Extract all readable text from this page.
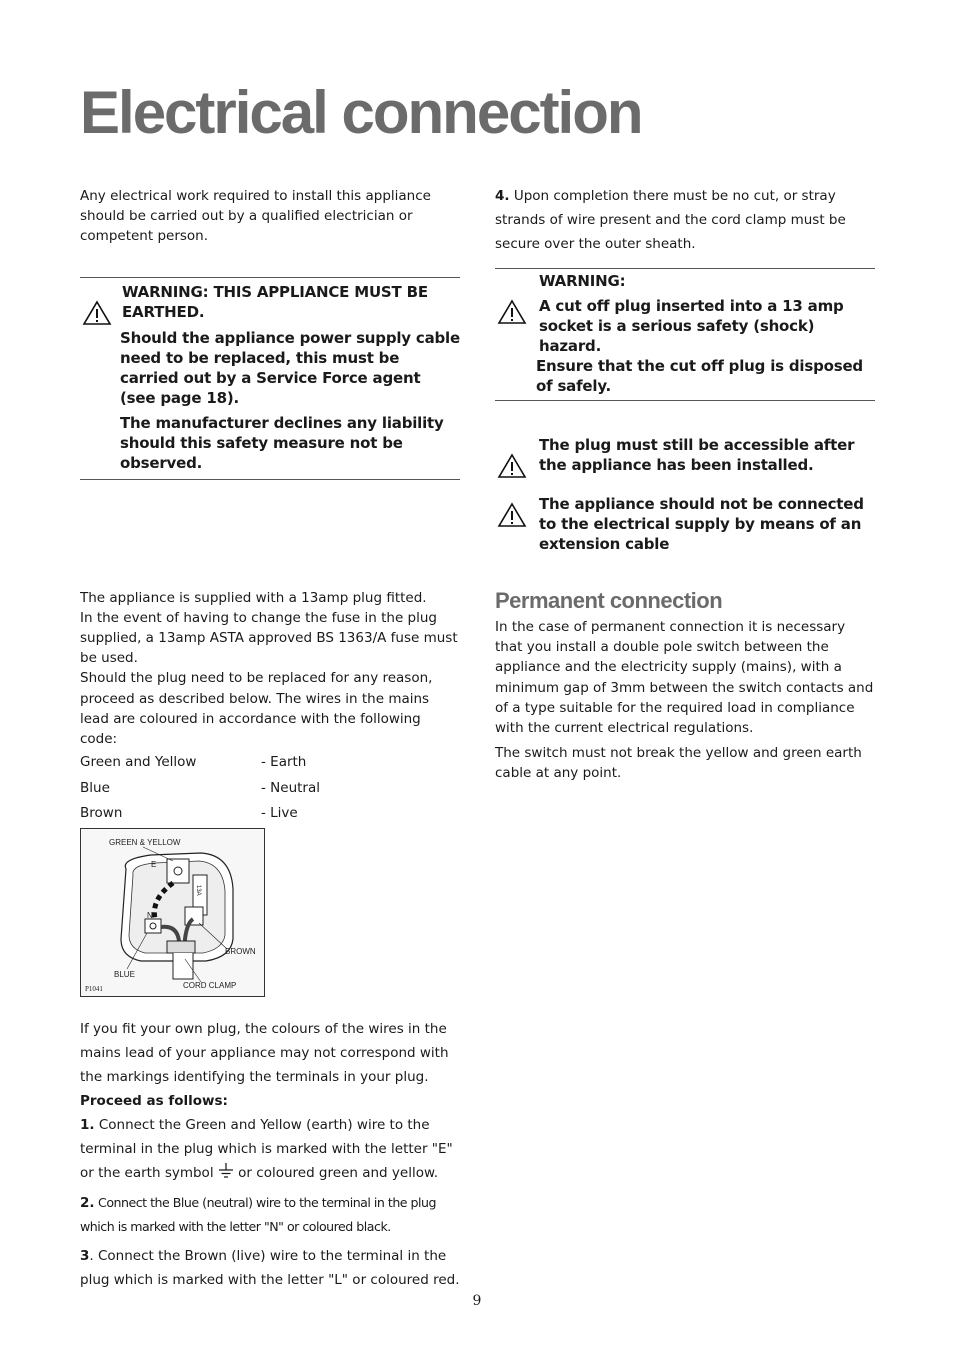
Electrical connection

Any electrical work required to install this appliance should be carried out by a qualified electrician or competent person.

WARNING: THIS APPLIANCE MUST BE EARTHED.
Should the appliance power supply cable need to be replaced, this must be carried out by a Service Force agent (see page 18).
The manufacturer declines any liability should this safety measure not be observed.

The appliance is supplied with a 13amp plug fitted.

In the event of having to change the fuse in the plug supplied, a 13amp ASTA approved BS 1363/A fuse must be used.

Should the plug need to be replaced for any reason, proceed as described below. The wires in the mains lead are coloured in accordance with the following code:

Green and Yellow	- Earth
Blue	- Neutral
Brown	- Live
GREEN & YELLOW
E
N
13A
BROWN
BLUE
CORD CLAMP
P1041

If you fit your own plug, the colours of the wires in the mains lead of your appliance may not correspond with the markings identifying the terminals in your plug.

Proceed as follows:

1. Connect the Green and Yellow (earth) wire to the terminal in the plug which is marked with the letter "E" or the earth symbol  or coloured green and yellow.

2. Connect the Blue (neutral) wire to the terminal in the plug which is marked with the letter "N" or coloured black.

3. Connect the Brown (live) wire to the terminal in the plug which is marked with the letter "L" or coloured red.

4. Upon completion there must be no cut, or stray strands of wire present and the cord clamp must be secure over the outer sheath.

WARNING:
A cut off plug inserted into a 13 amp socket is a serious safety (shock) hazard.
Ensure that the cut off plug is disposed of safely.
The plug must still be accessible after the appliance has been installed.
The appliance should not be connected to the electrical supply by means of an extension cable
Permanent connection

In the case of permanent connection it is necessary that you install a double pole switch between the appliance and the electricity supply (mains), with a minimum gap of 3mm between the switch contacts and of a type suitable for the required load in compliance with the current electrical regulations.

The switch must not break the yellow and green earth cable at any point.

9
